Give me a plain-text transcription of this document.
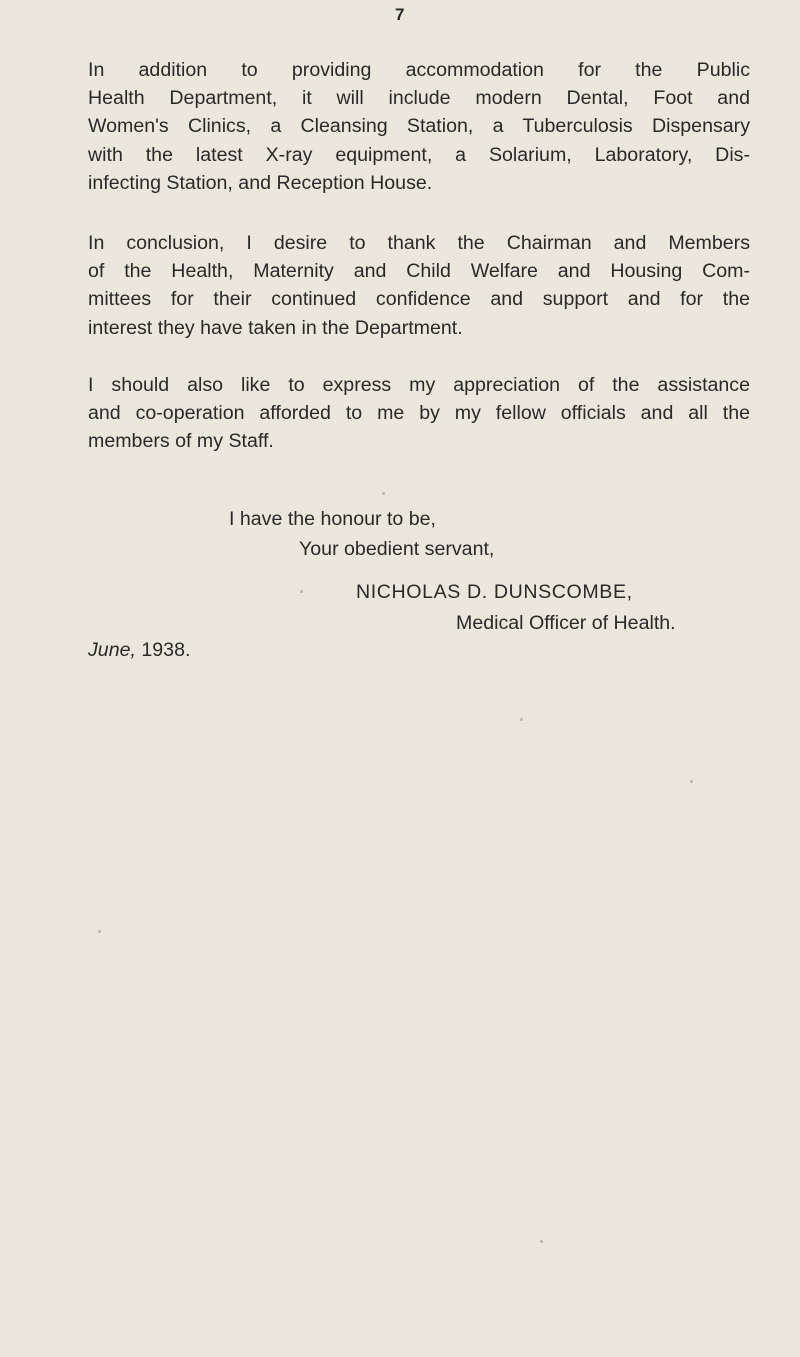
7

In addition to providing accommodation for the Public
Health Department, it will include modern Dental, Foot and
Women's Clinics, a Cleansing Station, a Tuberculosis Dispensary
with the latest X-ray equipment, a Solarium, Laboratory, Dis-
infecting Station, and Reception House.

In conclusion, I desire to thank the Chairman and Members
of the Health, Maternity and Child Welfare and Housing Com-
mittees for their continued confidence and support and for the
interest they have taken in the Department.

I should also like to express my appreciation of the assistance
and co-operation afforded to me by my fellow officials and all the
members of my Staff.

I have the honour to be,
Your obedient servant,
NICHOLAS D. DUNSCOMBE,
Medical Officer of Health.
June, 1938.
